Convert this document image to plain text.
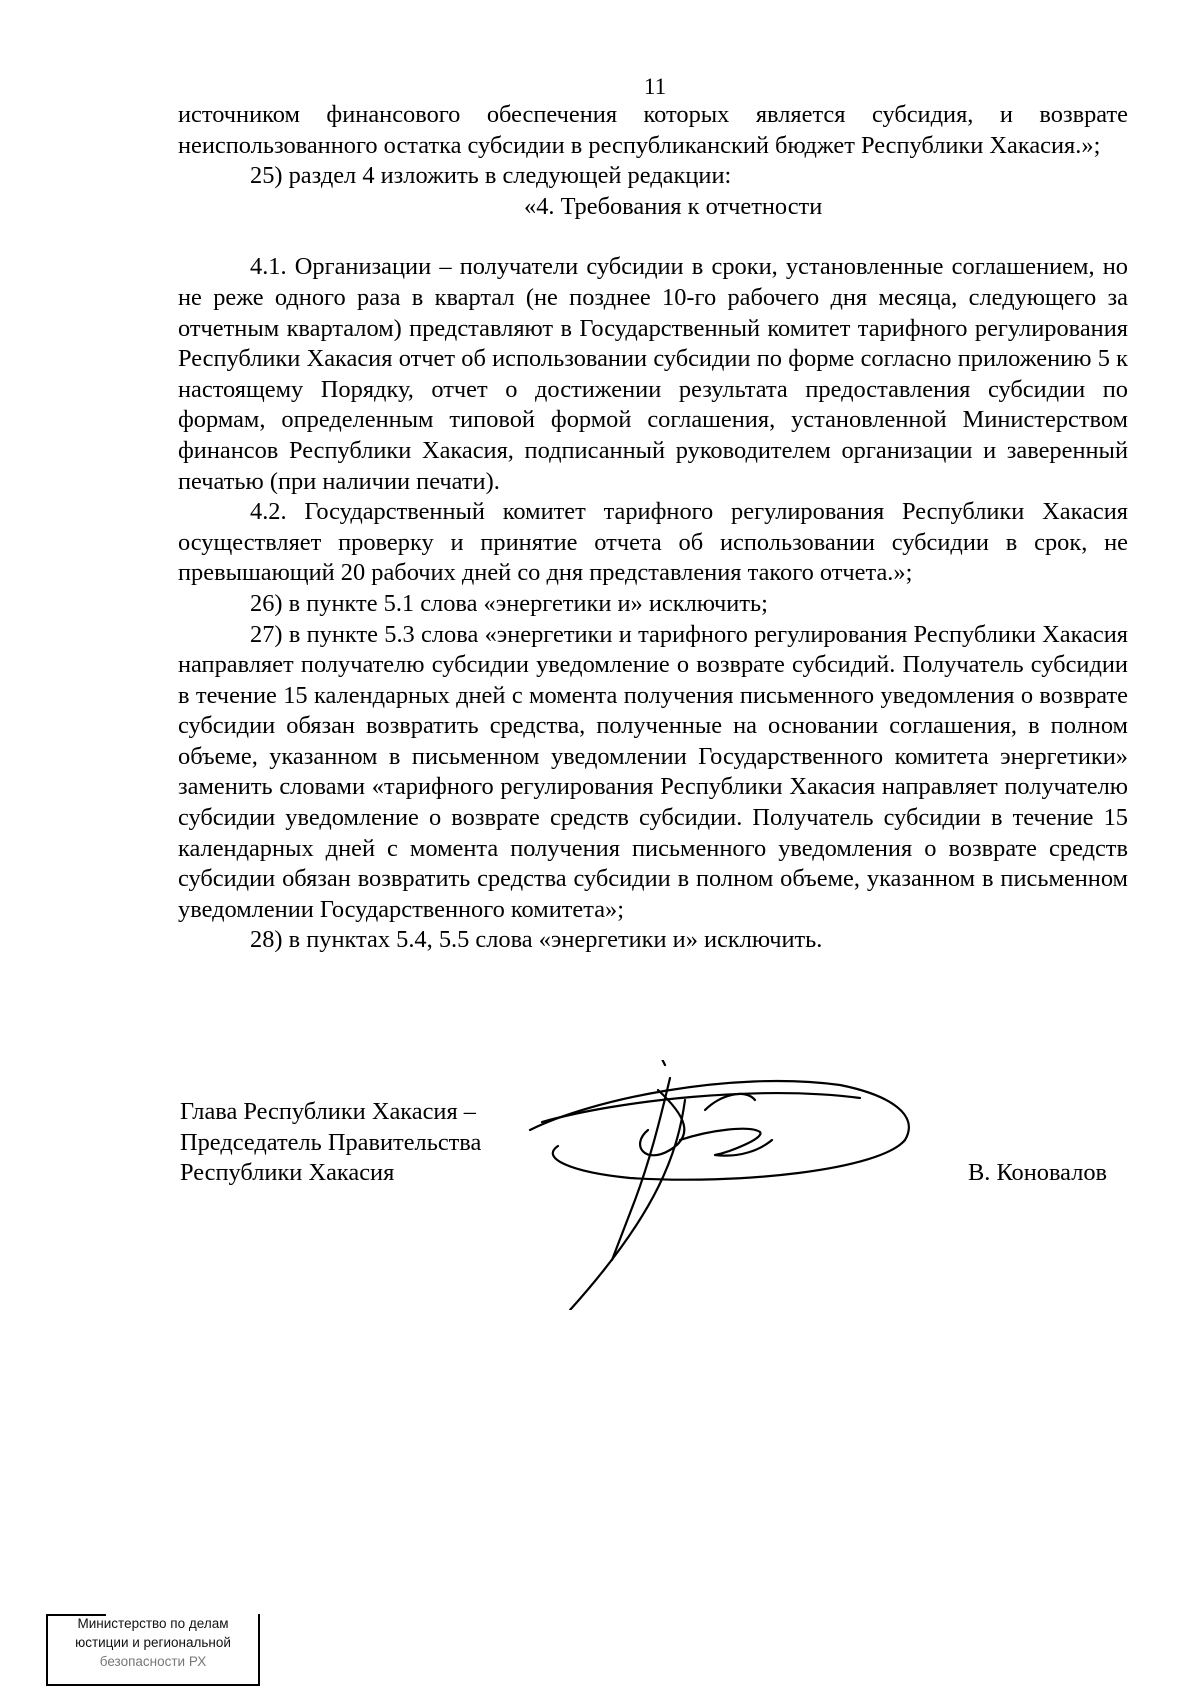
11

источником финансового обеспечения которых является субсидия, и возврате неиспользованного остатка субсидии в республиканский бюджет Республики Хакасия.»;

25) раздел 4 изложить в следующей редакции:

«4. Требования к отчетности

4.1. Организации – получатели субсидии в сроки, установленные соглашением, но не реже одного раза в квартал (не позднее 10-го рабочего дня месяца, следующего за отчетным кварталом) представляют в Государственный комитет тарифного регулирования Республики Хакасия отчет об использовании субсидии по форме согласно приложению 5 к настоящему Порядку, отчет о достижении результата предоставления субсидии по формам, определенным типовой формой соглашения, установленной Министерством финансов Республики Хакасия, подписанный руководителем организации и заверенный печатью (при наличии печати).

4.2. Государственный комитет тарифного регулирования Республики Хакасия осуществляет проверку и принятие отчета об использовании субсидии в срок, не превышающий 20 рабочих дней со дня представления такого отчета.»;

26) в пункте 5.1 слова «энергетики и» исключить;

27) в пункте 5.3 слова «энергетики и тарифного регулирования Республики Хакасия направляет получателю субсидии уведомление о возврате субсидий. Получатель субсидии в течение 15 календарных дней с момента получения письменного уведомления о возврате субсидии обязан возвратить средства, полученные на основании соглашения, в полном объеме, указанном в письменном уведомлении Государственного комитета энергетики» заменить словами «тарифного регулирования Республики Хакасия направляет получателю субсидии уведомление о возврате средств субсидии. Получатель субсидии в течение 15 календарных дней с момента получения письменного уведомления о возврате средств субсидии обязан возвратить средства субсидии в полном объеме, указанном в письменном уведомлении Государственного комитета»;

28) в пунктах 5.4, 5.5 слова «энергетики и» исключить.

Глава Республики Хакасия –
Председатель Правительства
Республики Хакасия	В. Коновалов
Министерство по делам
юстиции и региональной
безопасности РХ
